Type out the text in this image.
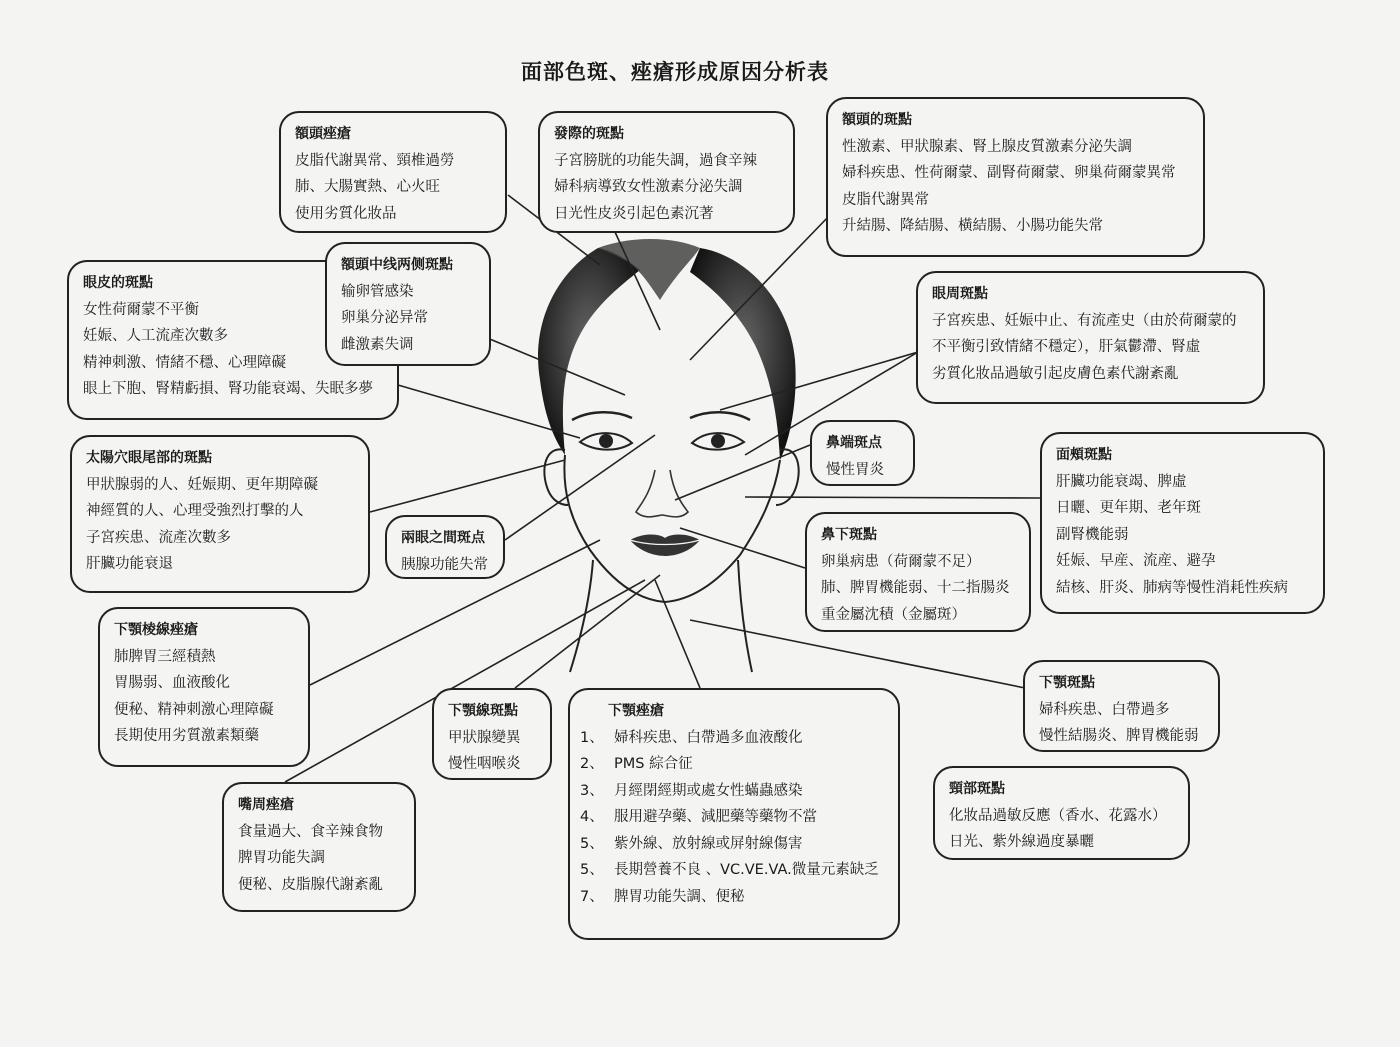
面部色斑、痤瘡形成原因分析表
額頭痤瘡
皮脂代謝異常、頸椎過勞
肺、大腸實熱、心火旺
使用劣質化妝品
發際的斑點
子宮膀胱的功能失調，過食辛辣
婦科病導致女性激素分泌失調
日光性皮炎引起色素沉著
額頭的斑點
性激素、甲狀腺素、腎上腺皮質激素分泌失調
婦科疾患、性荷爾蒙、副腎荷爾蒙、卵巢荷爾蒙異常
皮脂代謝異常
升結腸、降結腸、橫結腸、小腸功能失常
眼皮的斑點
女性荷爾蒙不平衡
妊娠、人工流產次數多
精神刺激、情緒不穩、心理障礙
眼上下胞、腎精虧損、腎功能衰竭、失眠多夢
額頭中线两侧斑點
输卵管感染
卵巢分泌异常
雌激素失调
眼周斑點
子宮疾患、妊娠中止、有流產史（由於荷爾蒙的
不平衡引致情緒不穩定），肝氣鬱滯、腎虛
劣質化妝品過敏引起皮膚色素代謝紊亂
鼻端斑点
慢性胃炎
太陽穴眼尾部的斑點
甲狀腺弱的人、妊娠期、更年期障礙
神經質的人、心理受強烈打擊的人
子宮疾患、流產次數多
肝臟功能衰退
兩眼之間斑点
胰腺功能失常
面頰斑點
肝臟功能衰竭、脾虛
日曬、更年期、老年斑
副腎機能弱
妊娠、早産、流産、避孕
結核、肝炎、肺病等慢性消耗性疾病
鼻下斑點
卵巢病患（荷爾蒙不足）
肺、脾胃機能弱、十二指腸炎
重金屬沈積（金屬斑）
下顎棱線痤瘡
肺脾胃三經積熱
胃腸弱、血液酸化
便秘、精神刺激心理障礙
長期使用劣質激素類藥
下顎線斑點
甲狀腺變異
慢性咽喉炎
下顎痤瘡
1、 婦科疾患、白帶過多血液酸化
2、 PMS 綜合征
3、 月經閉經期或處女性蟎蟲感染
4、 服用避孕藥、減肥藥等藥物不當
5、 紫外線、放射線或屏射線傷害
5、 長期營養不良 、VC.VE.VA.微量元素缺乏
7、 脾胃功能失調、便秘
下顎斑點
婦科疾患、白帶過多
慢性結腸炎、脾胃機能弱
嘴周痤瘡
食量過大、食辛辣食物
脾胃功能失調
便秘、皮脂腺代謝紊亂
頸部斑點
化妝品過敏反應（香水、花露水）
日光、紫外線過度暴曬
